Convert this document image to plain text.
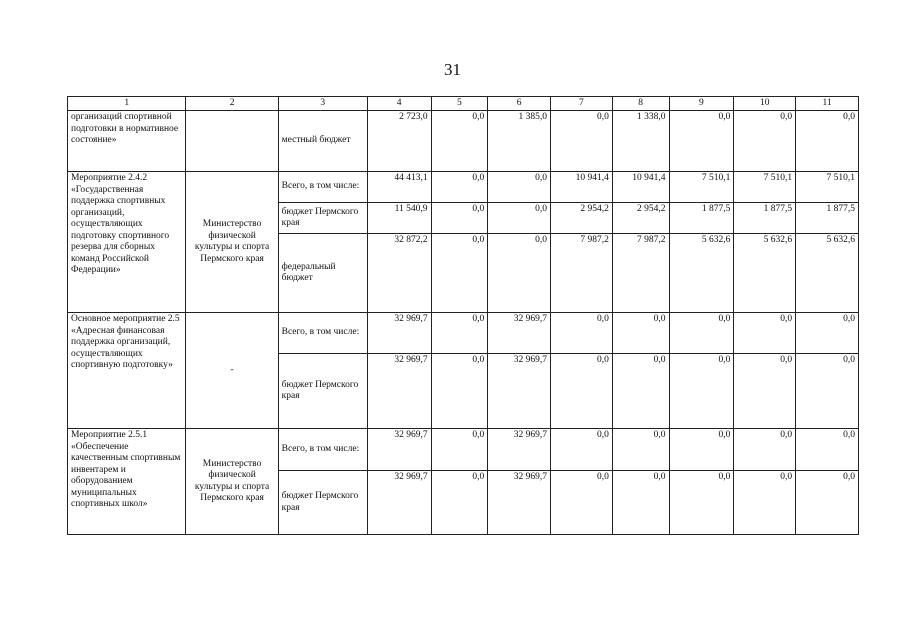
31
1	2	3	4	5	6	7	8	9	10	11
организаций спортивной подготовки в нормативное состояние»		местный бюджет	2 723,0	0,0	1 385,0	0,0	1 338,0	0,0	0,0	0,0
Мероприятие 2.4.2 «Государственная поддержка спортивных организаций, осуществляющих подготовку спортивного резерва для сборных команд Российской Федерации»	Министерство физической культуры и спорта Пермского края	Всего, в том числе:	44 413,1	0,0	0,0	10 941,4	10 941,4	7 510,1	7 510,1	7 510,1
		бюджет Пермского края	11 540,9	0,0	0,0	2 954,2	2 954,2	1 877,5	1 877,5	1 877,5
		федеральный бюджет	32 872,2	0,0	0,0	7 987,2	7 987,2	5 632,6	5 632,6	5 632,6
Основное мероприятие 2.5 «Адресная финансовая поддержка организаций, осуществляющих спортивную подготовку»	-	Всего, в том числе:	32 969,7	0,0	32 969,7	0,0	0,0	0,0	0,0	0,0
		бюджет Пермского края	32 969,7	0,0	32 969,7	0,0	0,0	0,0	0,0	0,0
Мероприятие 2.5.1 «Обеспечение качественным спортивным инвентарем и оборудованием муниципальных спортивных школ»	Министерство физической культуры и спорта Пермского края	Всего, в том числе:	32 969,7	0,0	32 969,7	0,0	0,0	0,0	0,0	0,0
		бюджет Пермского края	32 969,7	0,0	32 969,7	0,0	0,0	0,0	0,0	0,0
